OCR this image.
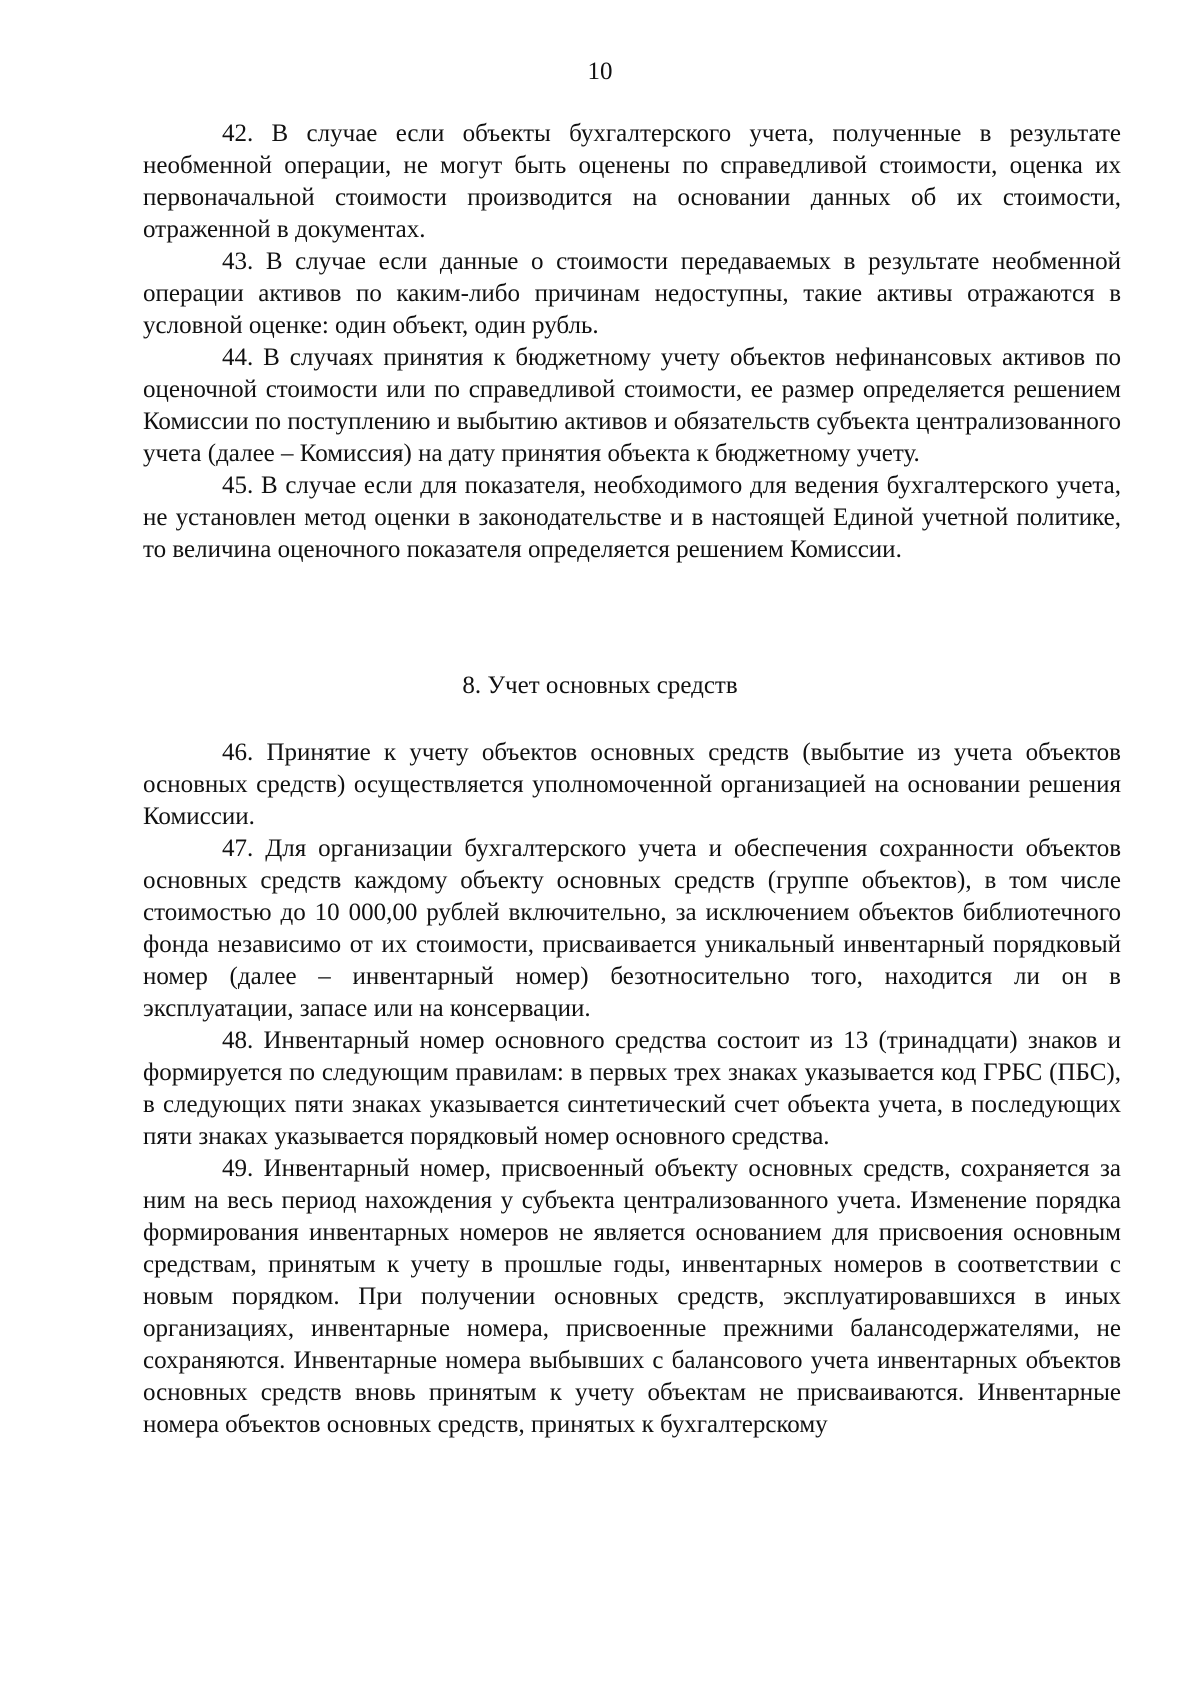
10

42. В случае если объекты бухгалтерского учета, полученные в результате необменной операции, не могут быть оценены по справедливой стоимости, оценка их первоначальной стоимости производится на основании данных об их стоимости, отраженной в документах.

43. В случае если данные о стоимости передаваемых в результате необменной операции активов по каким-либо причинам недоступны, такие активы отражаются в условной оценке: один объект, один рубль.

44. В случаях принятия к бюджетному учету объектов нефинансовых активов по оценочной стоимости или по справедливой стоимости, ее размер определяется решением Комиссии по поступлению и выбытию активов и обязательств субъекта централизованного учета (далее – Комиссия) на дату принятия объекта к бюджетному учету.

45. В случае если для показателя, необходимого для ведения бухгалтерского учета, не установлен метод оценки в законодательстве и в настоящей Единой учетной политике, то величина оценочного показателя определяется решением Комиссии.

8. Учет основных средств

46. Принятие к учету объектов основных средств (выбытие из учета объектов основных средств) осуществляется уполномоченной организацией на основании решения Комиссии.

47. Для организации бухгалтерского учета и обеспечения сохранности объектов основных средств каждому объекту основных средств (группе объектов), в том числе стоимостью до 10 000,00 рублей включительно, за исключением объектов библиотечного фонда независимо от их стоимости, присваивается уникальный инвентарный порядковый номер (далее – инвентарный номер) безотносительно того, находится ли он в эксплуатации, запасе или на консервации.

48. Инвентарный номер основного средства состоит из 13 (тринадцати) знаков и формируется по следующим правилам: в первых трех знаках указывается код ГРБС (ПБС), в следующих пяти знаках указывается синтетический счет объекта учета, в последующих пяти знаках указывается порядковый номер основного средства.

49. Инвентарный номер, присвоенный объекту основных средств, сохраняется за ним на весь период нахождения у субъекта централизованного учета. Изменение порядка формирования инвентарных номеров не является основанием для присвоения основным средствам, принятым к учету в прошлые годы, инвентарных номеров в соответствии с новым порядком. При получении основных средств, эксплуатировавшихся в иных организациях, инвентарные номера, присвоенные прежними балансодержателями, не сохраняются. Инвентарные номера выбывших с балансового учета инвентарных объектов основных средств вновь принятым к учету объектам не присваиваются. Инвентарные номера объектов основных средств, принятых к бухгалтерскому
